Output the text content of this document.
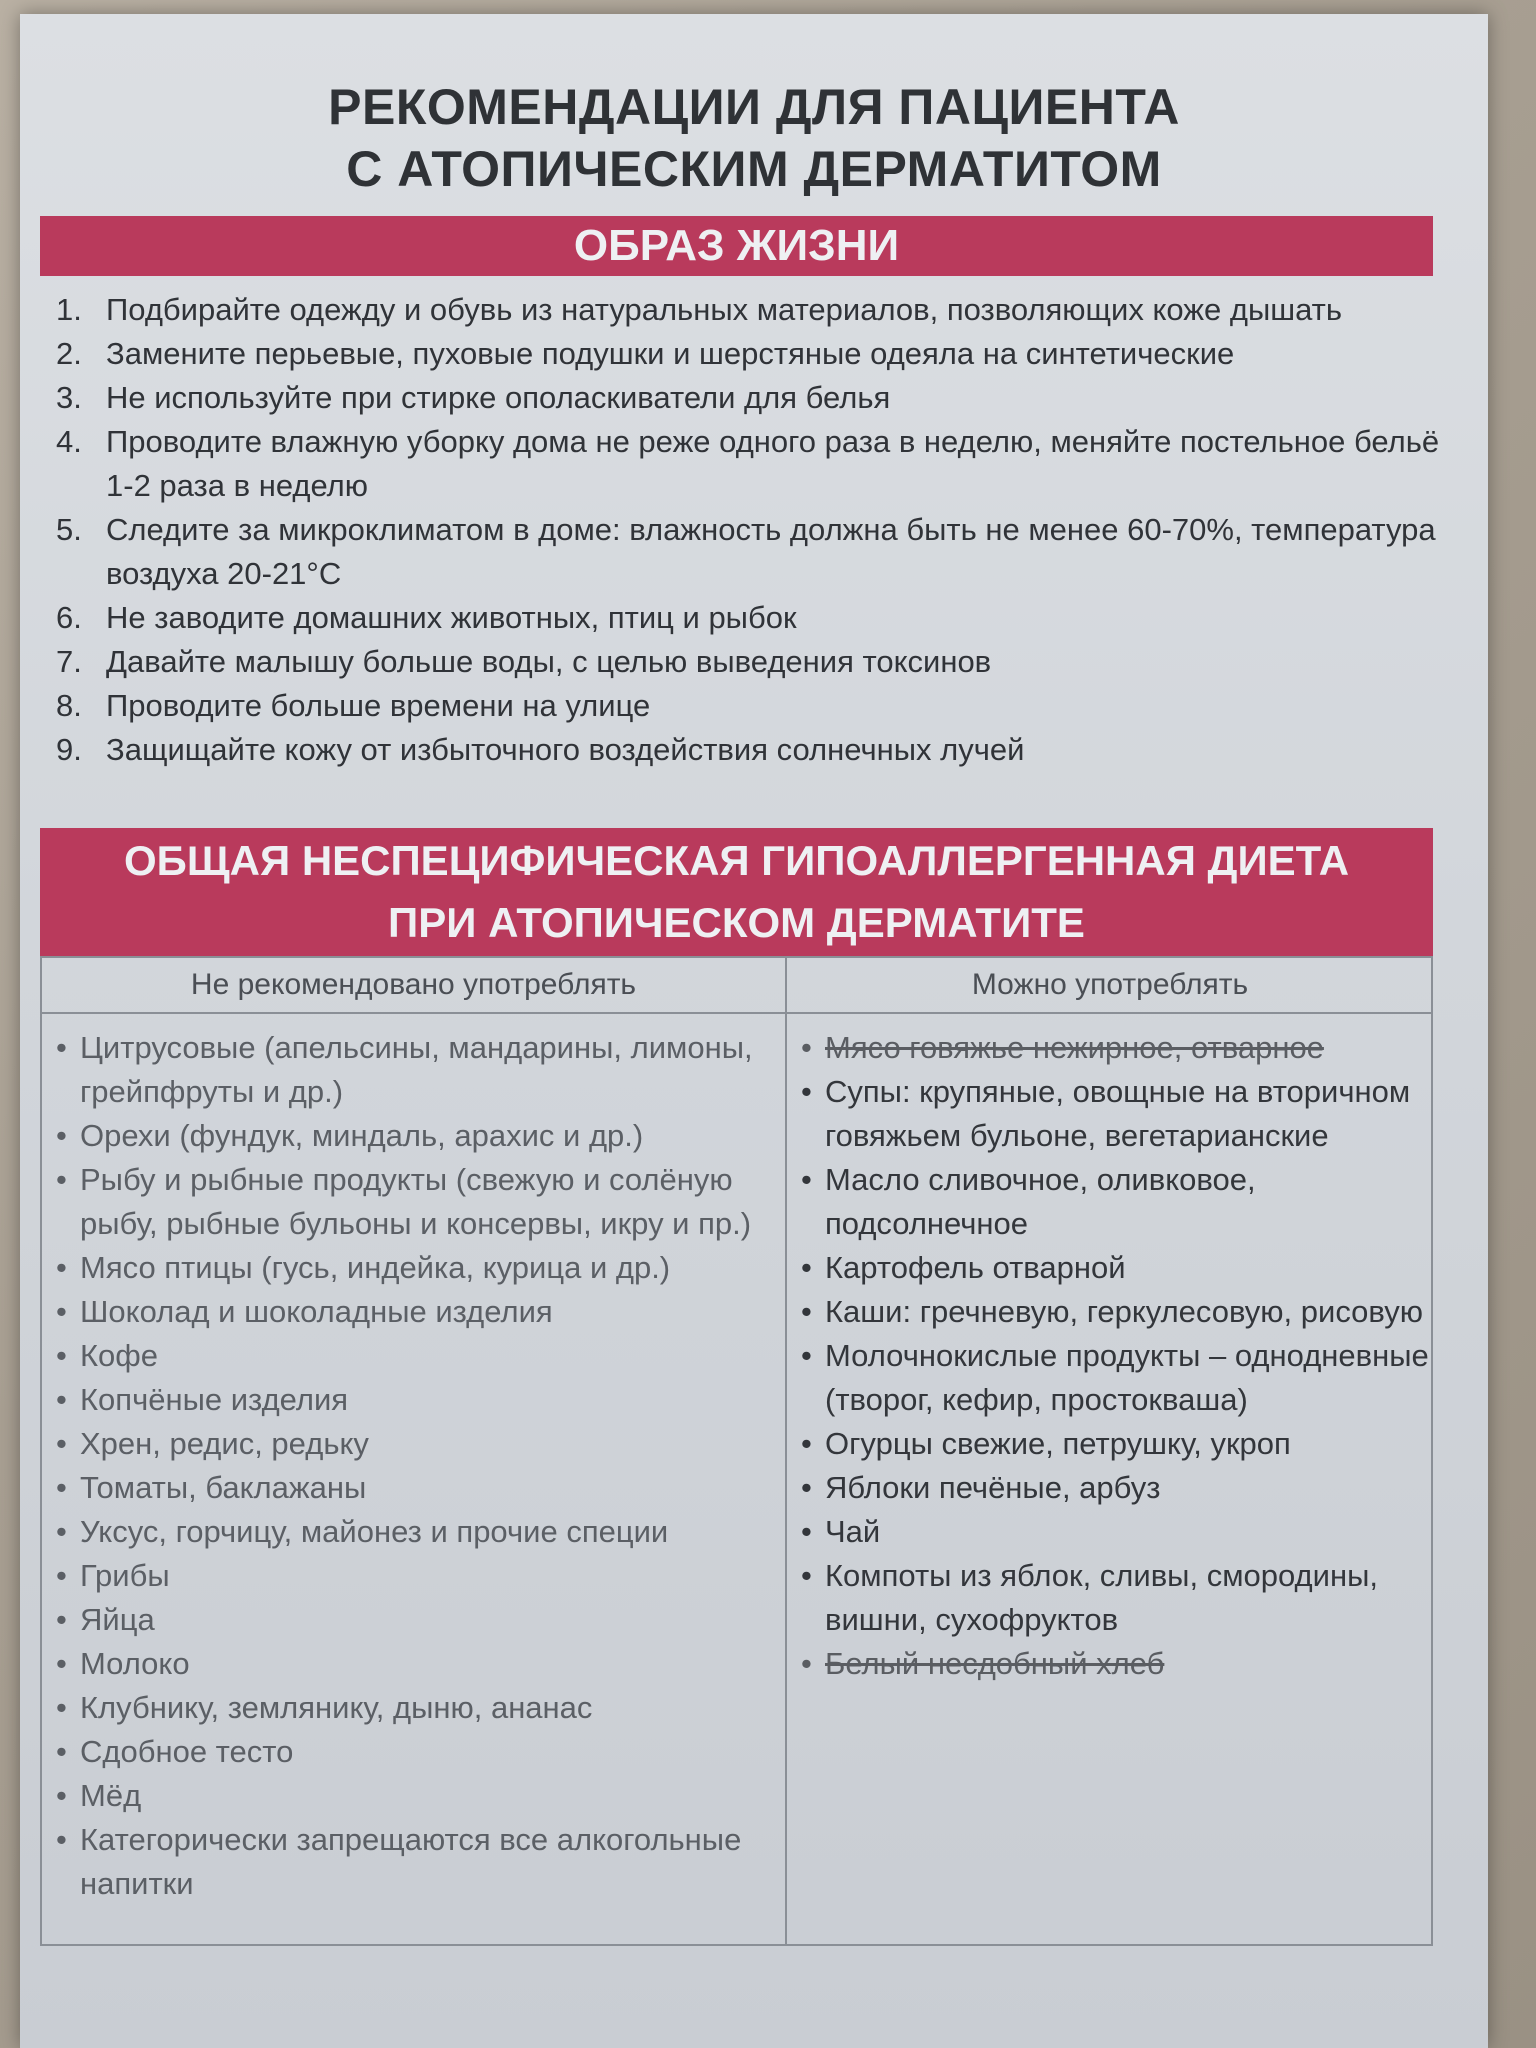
РЕКОМЕНДАЦИИ ДЛЯ ПАЦИЕНТА
С АТОПИЧЕСКИМ ДЕРМАТИТОМ
ОБРАЗ ЖИЗНИ
1. Подбирайте одежду и обувь из натуральных материалов, позволяющих коже дышать
2. Замените перьевые, пуховые подушки и шерстяные одеяла на синтетические
3. Не используйте при стирке ополаскиватели для белья
4. Проводите влажную уборку дома не реже одного раза в неделю, меняйте постельное бельё 1-2 раза в неделю
5. Следите за микроклиматом в доме: влажность должна быть не менее 60-70%, температура воздуха 20-21°С
6. Не заводите домашних животных, птиц и рыбок
7. Давайте малышу больше воды, с целью выведения токсинов
8. Проводите больше времени на улице
9. Защищайте кожу от избыточного воздействия солнечных лучей
ОБЩАЯ НЕСПЕЦИФИЧЕСКАЯ ГИПОАЛЛЕРГЕННАЯ ДИЕТА
ПРИ АТОПИЧЕСКОМ ДЕРМАТИТЕ
Не рекомендовано употреблять	Можно употреблять
• Цитрусовые (апельсины, мандарины, лимоны, грейпфруты и др.)
• Орехи (фундук, миндаль, арахис и др.)
• Рыбу и рыбные продукты (свежую и солёную рыбу, рыбные бульоны и консервы, икру и пр.)
• Мясо птицы (гусь, индейка, курица и др.)
• Шоколад и шоколадные изделия
• Кофе
• Копчёные изделия
• Хрен, редис, редьку
• Томаты, баклажаны
• Уксус, горчицу, майонез и прочие специи
• Грибы
• Яйца
• Молоко
• Клубнику, землянику, дыню, ананас
• Сдобное тесто
• Мёд
• Категорически запрещаются все алкогольные напитки
• Мясо говяжье нежирное, отварное
• Супы: крупяные, овощные на вторичном говяжьем бульоне, вегетарианские
• Масло сливочное, оливковое, подсолнечное
• Картофель отварной
• Каши: гречневую, геркулесовую, рисовую
• Молочнокислые продукты – однодневные (творог, кефир, простокваша)
• Огурцы свежие, петрушку, укроп
• Яблоки печёные, арбуз
• Чай
• Компоты из яблок, сливы, смородины, вишни, сухофруктов
• Белый несдобный хлеб
